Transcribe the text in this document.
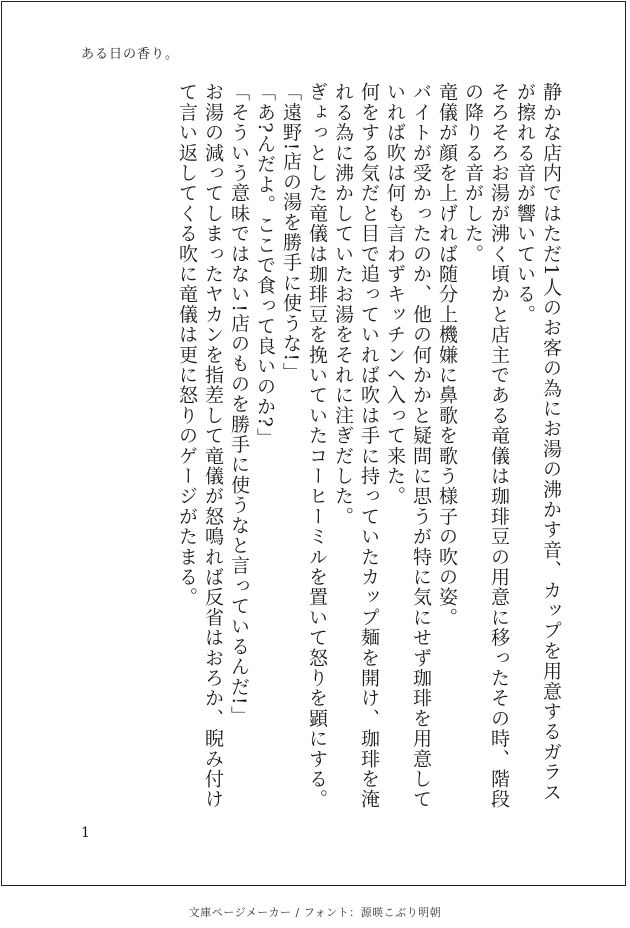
ある日の香り。

静かな店内ではただ1人のお客の為にお湯の沸かす音、カップを用意するガラスが擦れる音が響いている。

そろそろお湯が沸く頃かと店主である竜儀は珈琲豆の用意に移ったその時、階段の降りる音がした。

竜儀が顔を上げれば随分上機嫌に鼻歌を歌う様子の吹の姿。

バイトが受かったのか、他の何かかと疑問に思うが特に気にせず珈琲を用意していれば吹は何も言わずキッチンへ入って来た。

何をする気だと目で追っていれば吹は手に持っていたカップ麺を開け、珈琲を淹れる為に沸かしていたお湯をそれに注ぎだした。

ぎょっとした竜儀は珈琲豆を挽いていたコーヒーミルを置いて怒りを顕にする。

「遠野!店の湯を勝手に使うな!」

「あ?んだよ。ここで食って良いのか?」

「そういう意味ではない!店のものを勝手に使うなと言っているんだ!」

お湯の減ってしまったヤカンを指差して竜儀が怒鳴れば反省はおろか、睨み付けて言い返してくる吹に竜儀は更に怒りのゲージがたまる。

1
文庫ページメーカー / フォント：源暎こぶり明朝
